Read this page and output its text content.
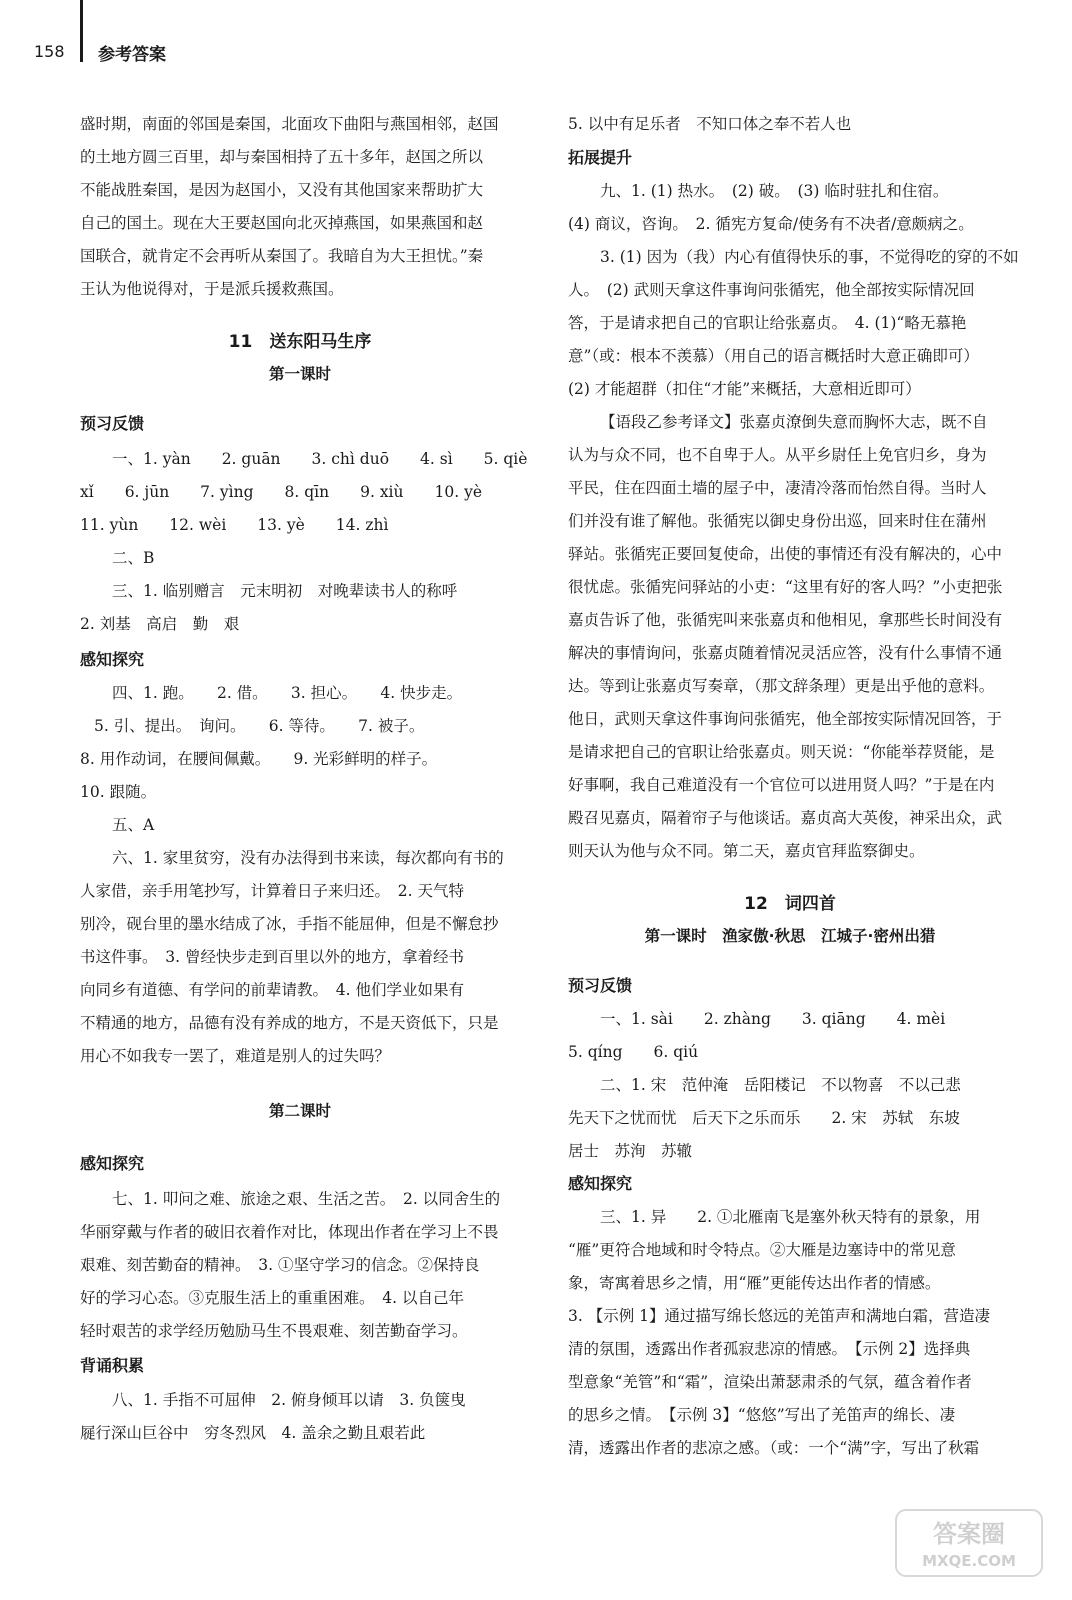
158 参考答案
盛时期，南面的邻国是秦国，北面攻下曲阳与燕国相邻，赵国
的土地方圆三百里，却与秦国相持了五十多年，赵国之所以
不能战胜秦国，是因为赵国小，又没有其他国家来帮助扩大
自己的国土。现在大王要赵国向北灭掉燕国，如果燕国和赵
国联合，就肯定不会再听从秦国了。我暗自为大王担忧。”秦
王认为他说得对，于是派兵援救燕国。
11　送东阳马生序
第一课时
预习反馈
一、1. yàn　　2. guān　　3. chì duō　　4. sì　　5. qiè
xǐ　　6. jūn　　7. yìng　　8. qīn　　9. xiù　　10. yè
11. yùn　　12. wèi　　13. yè　　14. zhì
二、B
三、1. 临别赠言　元末明初　对晚辈读书人的称呼
2. 刘基　高启　勤　艰
感知探究
四、1. 跑。　　2. 借。　　3. 担心。　　4. 快步走。
5. 引、提出。　询问。　　6. 等待。　　7. 被子。
8. 用作动词，在腰间佩戴。　　9. 光彩鲜明的样子。
10. 跟随。
五、A
六、1. 家里贫穷，没有办法得到书来读，每次都向有书的
人家借，亲手用笔抄写，计算着日子来归还。　2. 天气特
别冷，砚台里的墨水结成了冰，手指不能屈伸，但是不懈怠抄
书这件事。　3. 曾经快步走到百里以外的地方，拿着经书
向同乡有道德、有学问的前辈请教。　4. 他们学业如果有
不精通的地方，品德有没有养成的地方，不是天资低下，只是
用心不如我专一罢了，难道是别人的过失吗？
第二课时
感知探究
七、1. 叩问之难、旅途之艰、生活之苦。　2. 以同舍生的
华丽穿戴与作者的破旧衣着作对比，体现出作者在学习上不畏
艰难、刻苦勤奋的精神。　3. ①坚守学习的信念。②保持良
好的学习心态。③克服生活上的重重困难。　4. 以自己年
轻时艰苦的求学经历勉励马生不畏艰难、刻苦勤奋学习。
背诵积累
八、1. 手指不可屈伸　2. 俯身倾耳以请　3. 负箧曳
屣行深山巨谷中　穷冬烈风　4. 盖余之勤且艰若此
5. 以中有足乐者　不知口体之奉不若人也
拓展提升
九、1. (1) 热水。　(2) 破。　(3) 临时驻扎和住宿。
(4) 商议，咨询。　2. 循宪方复命/使务有不决者/意颇病之。
3. (1) 因为（我）内心有值得快乐的事，不觉得吃的穿的不如
人。　(2) 武则天拿这件事询问张循宪，他全部按实际情况回
答，于是请求把自己的官职让给张嘉贞。　4. (1)“略无慕艳
意”（或：根本不羡慕）（用自己的语言概括时大意正确即可）
(2) 才能超群（扣住“才能”来概括，大意相近即可）
【语段乙参考译文】张嘉贞潦倒失意而胸怀大志，既不自
认为与众不同，也不自卑于人。从平乡尉任上免官归乡，身为
平民，住在四面土墙的屋子中，凄清冷落而怡然自得。当时人
们并没有谁了解他。张循宪以御史身份出巡，回来时住在蒲州
驿站。张循宪正要回复使命，出使的事情还有没有解决的，心中
很忧虑。张循宪问驿站的小吏：“这里有好的客人吗？”小吏把张
嘉贞告诉了他，张循宪叫来张嘉贞和他相见，拿那些长时间没有
解决的事情询问，张嘉贞随着情况灵活应答，没有什么事情不通
达。等到让张嘉贞写奏章，（那文辞条理）更是出乎他的意料。
他日，武则天拿这件事询问张循宪，他全部按实际情况回答，于
是请求把自己的官职让给张嘉贞。则天说：“你能举荐贤能，是
好事啊，我自己难道没有一个官位可以进用贤人吗？”于是在内
殿召见嘉贞，隔着帘子与他谈话。嘉贞高大英俊，神采出众，武
则天认为他与众不同。第二天，嘉贞官拜监察御史。
12　词四首
第一课时　渔家傲·秋思　江城子·密州出猎
预习反馈
一、1. sài　　2. zhàng　　3. qiāng　　4. mèi
5. qíng　　6. qiú
二、1. 宋　范仲淹　岳阳楼记　不以物喜　不以己悲
先天下之忧而忧　后天下之乐而乐　　2. 宋　苏轼　东坡
居士　苏洵　苏辙
感知探究
三、1. 异　　2. ①北雁南飞是塞外秋天特有的景象，用
“雁”更符合地域和时令特点。②大雁是边塞诗中的常见意
象，寄寓着思乡之情，用“雁”更能传达出作者的情感。
3. 【示例 1】通过描写绵长悠远的羌笛声和满地白霜，营造凄
清的氛围，透露出作者孤寂悲凉的情感。　【示例 2】选择典
型意象“羌管”和“霜”，渲染出萧瑟肃杀的气氛，蕴含着作者
的思乡之情。　【示例 3】“悠悠”写出了羌笛声的绵长、凄
清，透露出作者的悲凉之感。（或：一个“满”字，写出了秋霜
答案圈
MXQE.COM
